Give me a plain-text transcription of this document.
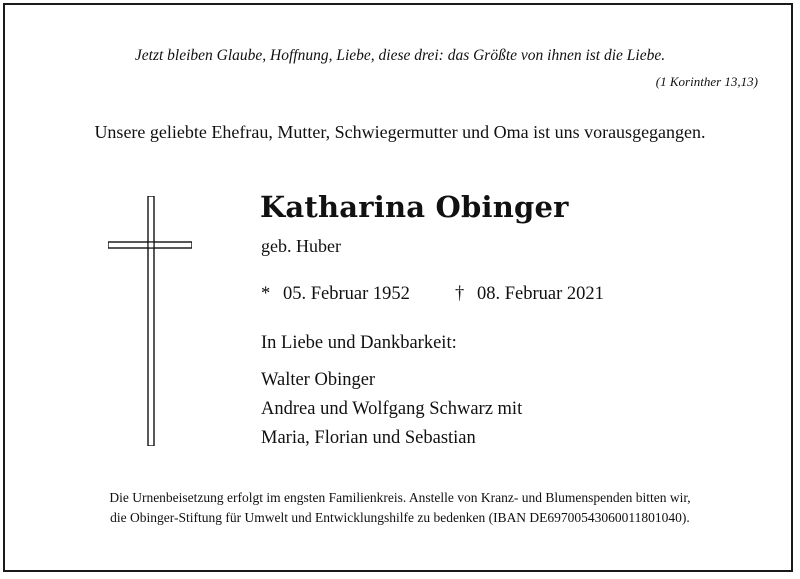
Jetzt bleiben Glaube, Hoffnung, Liebe, diese drei: das Größte von ihnen ist die Liebe.
(1 Korinther 13,13)
Unsere geliebte Ehefrau, Mutter, Schwiegermutter und Oma ist uns vorausgegangen.
Katharina Obinger
geb. Huber
* 05. Februar 1952 † 08. Februar 2021
In Liebe und Dankbarkeit:
Walter Obinger
Andrea und Wolfgang Schwarz mit
Maria, Florian und Sebastian
Die Urnenbeisetzung erfolgt im engsten Familienkreis. Anstelle von Kranz- und Blumenspenden bitten wir,
die Obinger-Stiftung für Umwelt und Entwicklungshilfe zu bedenken (IBAN DE69700543060011801040).
